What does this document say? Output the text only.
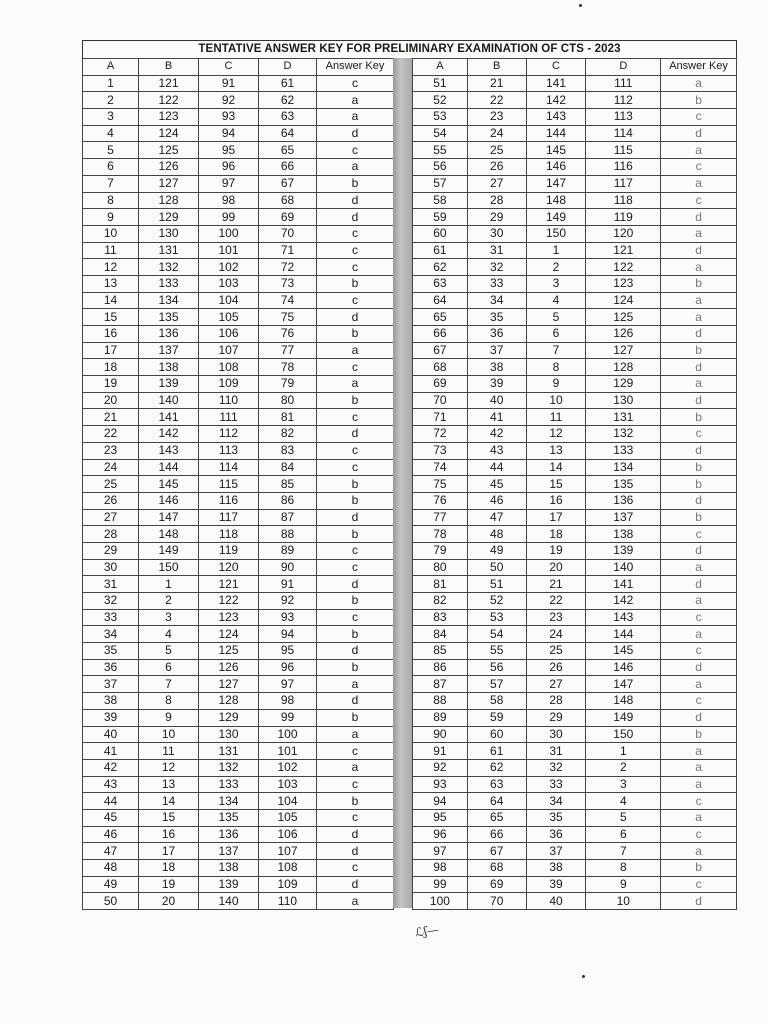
TENTATIVE ANSWER KEY FOR PRELIMINARY EXAMINATION OF CTS - 2023
A	B	C	D	Answer Key
1	121	91	61	c
2	122	92	62	a
3	123	93	63	a
4	124	94	64	d
5	125	95	65	c
6	126	96	66	a
7	127	97	67	b
8	128	98	68	d
9	129	99	69	d
10	130	100	70	c
11	131	101	71	c
12	132	102	72	c
13	133	103	73	b
14	134	104	74	c
15	135	105	75	d
16	136	106	76	b
17	137	107	77	a
18	138	108	78	c
19	139	109	79	a
20	140	110	80	b
21	141	111	81	c
22	142	112	82	d
23	143	113	83	c
24	144	114	84	c
25	145	115	85	b
26	146	116	86	b
27	147	117	87	d
28	148	118	88	b
29	149	119	89	c
30	150	120	90	c
31	1	121	91	d
32	2	122	92	b
33	3	123	93	c
34	4	124	94	b
35	5	125	95	d
36	6	126	96	b
37	7	127	97	a
38	8	128	98	d
39	9	129	99	b
40	10	130	100	a
41	11	131	101	c
42	12	132	102	a
43	13	133	103	c
44	14	134	104	b
45	15	135	105	c
46	16	136	106	d
47	17	137	107	d
48	18	138	108	c
49	19	139	109	d
50	20	140	110	a
A	B	C	D	Answer Key
51	21	141	111	a
52	22	142	112	b
53	23	143	113	c
54	24	144	114	d
55	25	145	115	a
56	26	146	116	c
57	27	147	117	a
58	28	148	118	c
59	29	149	119	d
60	30	150	120	a
61	31	1	121	d
62	32	2	122	a
63	33	3	123	b
64	34	4	124	a
65	35	5	125	a
66	36	6	126	d
67	37	7	127	b
68	38	8	128	d
69	39	9	129	a
70	40	10	130	d
71	41	11	131	b
72	42	12	132	c
73	43	13	133	d
74	44	14	134	b
75	45	15	135	b
76	46	16	136	d
77	47	17	137	b
78	48	18	138	c
79	49	19	139	d
80	50	20	140	a
81	51	21	141	d
82	52	22	142	a
83	53	23	143	c
84	54	24	144	a
85	55	25	145	c
86	56	26	146	d
87	57	27	147	a
88	58	28	148	c
89	59	29	149	d
90	60	30	150	b
91	61	31	1	a
92	62	32	2	a
93	63	33	3	a
94	64	34	4	c
95	65	35	5	a
96	66	36	6	c
97	67	37	7	a
98	68	38	8	b
99	69	39	9	c
100	70	40	10	d
ℒʃ—
